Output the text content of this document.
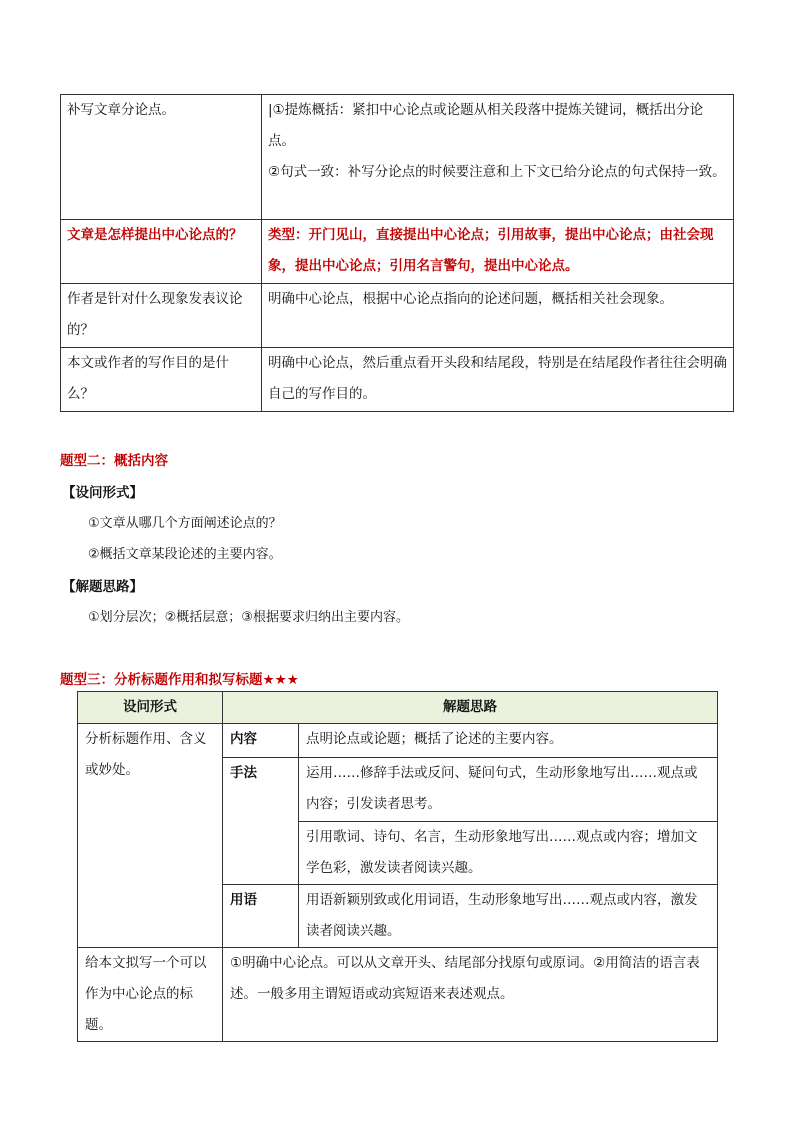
补写文章分论点。	|①提炼概括：紧扣中心论点或论题从相关段落中提炼关键词，概括出分论点。
②句式一致：补写分论点的时候要注意和上下文已给分论点的句式保持一致。

文章是怎样提出中心论点的？	类型：开门见山，直接提出中心论点；引用故事，提出中心论点；由社会现象，提出中心论点；引用名言警句，提出中心论点。
作者是针对什么现象发表议论的？	明确中心论点，根据中心论点指向的论述问题，概括相关社会现象。
本文或作者的写作目的是什么？	明确中心论点，然后重点看开头段和结尾段，特别是在结尾段作者往往会明确自己的写作目的。
题型二：概括内容
【设问形式】
①文章从哪几个方面阐述论点的？
②概括文章某段论述的主要内容。
【解题思路】
①划分层次；②概括层意；③根据要求归纳出主要内容。
题型三：分析标题作用和拟写标题★★★
设问形式	解题思路	
分析标题作用、含义或妙处。	内容	点明论点或论题；概括了论述的主要内容。
	手法	运用……修辞手法或反问、疑问句式，生动形象地写出……观点或内容；引发读者思考。
		引用歌词、诗句、名言，生动形象地写出……观点或内容；增加文学色彩，激发读者阅读兴趣。
	用语	用语新颖别致或化用词语，生动形象地写出……观点或内容，激发读者阅读兴趣。
给本文拟写一个可以作为中心论点的标题。	①明确中心论点。可以从文章开头、结尾部分找原句或原词。②用简洁的语言表述。一般多用主谓短语或动宾短语来表述观点。	
